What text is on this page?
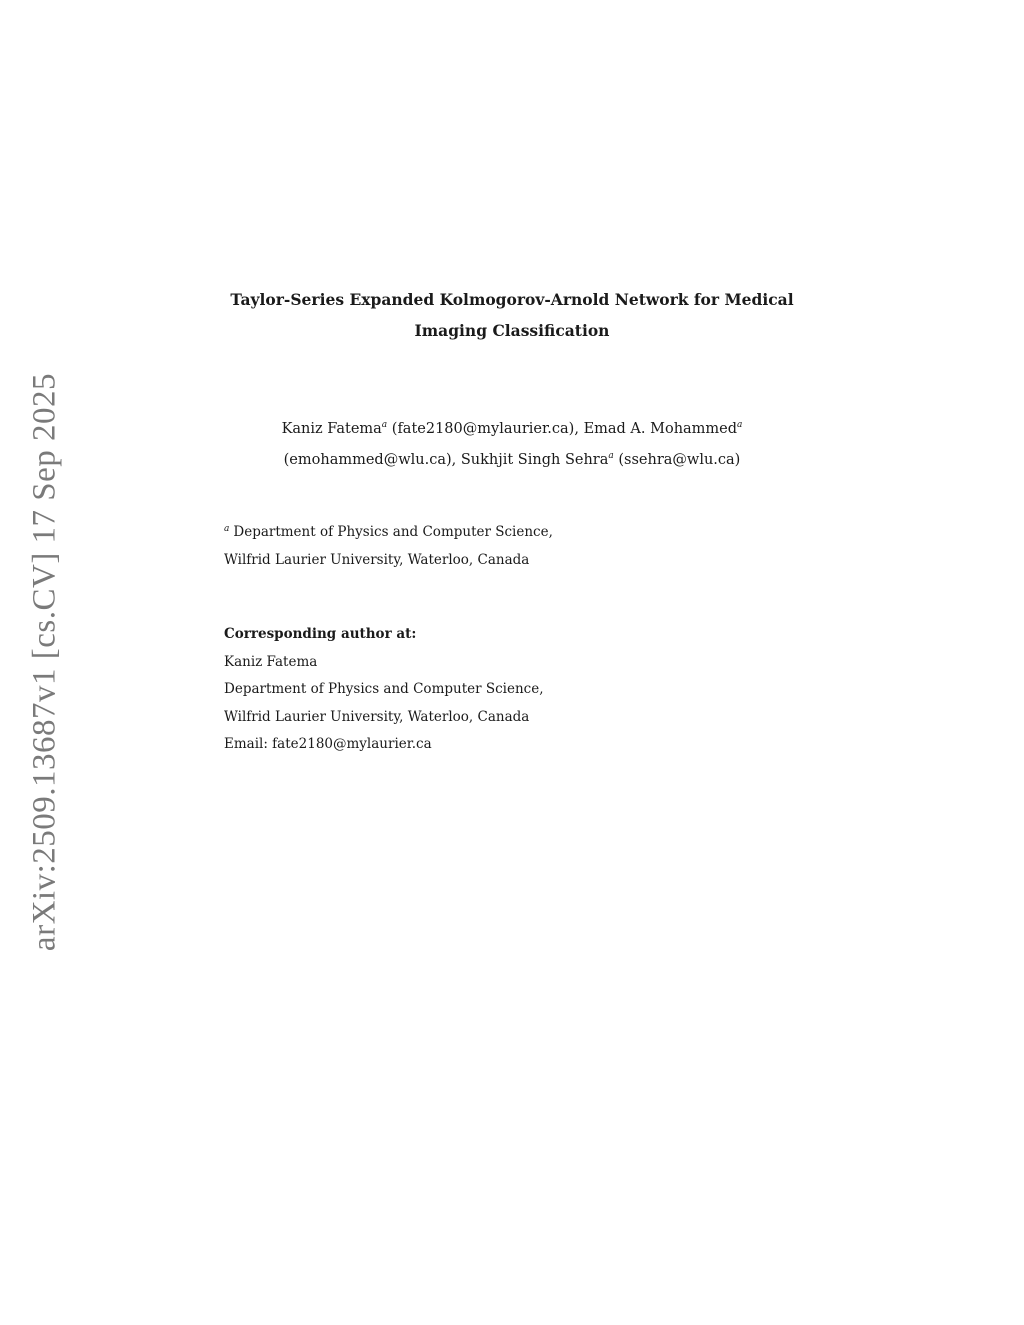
arXiv:2509.13687v1 [cs.CV] 17 Sep 2025
Taylor-Series Expanded Kolmogorov-Arnold Network for Medical
Imaging Classification
Kaniz Fatema$^a$ (fate2180@mylaurier.ca), Emad A. Mohammed$^a$
(emohammed@wlu.ca), Sukhjit Singh Sehra$^a$ (ssehra@wlu.ca)
$^a$ Department of Physics and Computer Science,
Wilfrid Laurier University, Waterloo, Canada
Corresponding author at:
Kaniz Fatema
Department of Physics and Computer Science,
Wilfrid Laurier University, Waterloo, Canada
Email: fate2180@mylaurier.ca
